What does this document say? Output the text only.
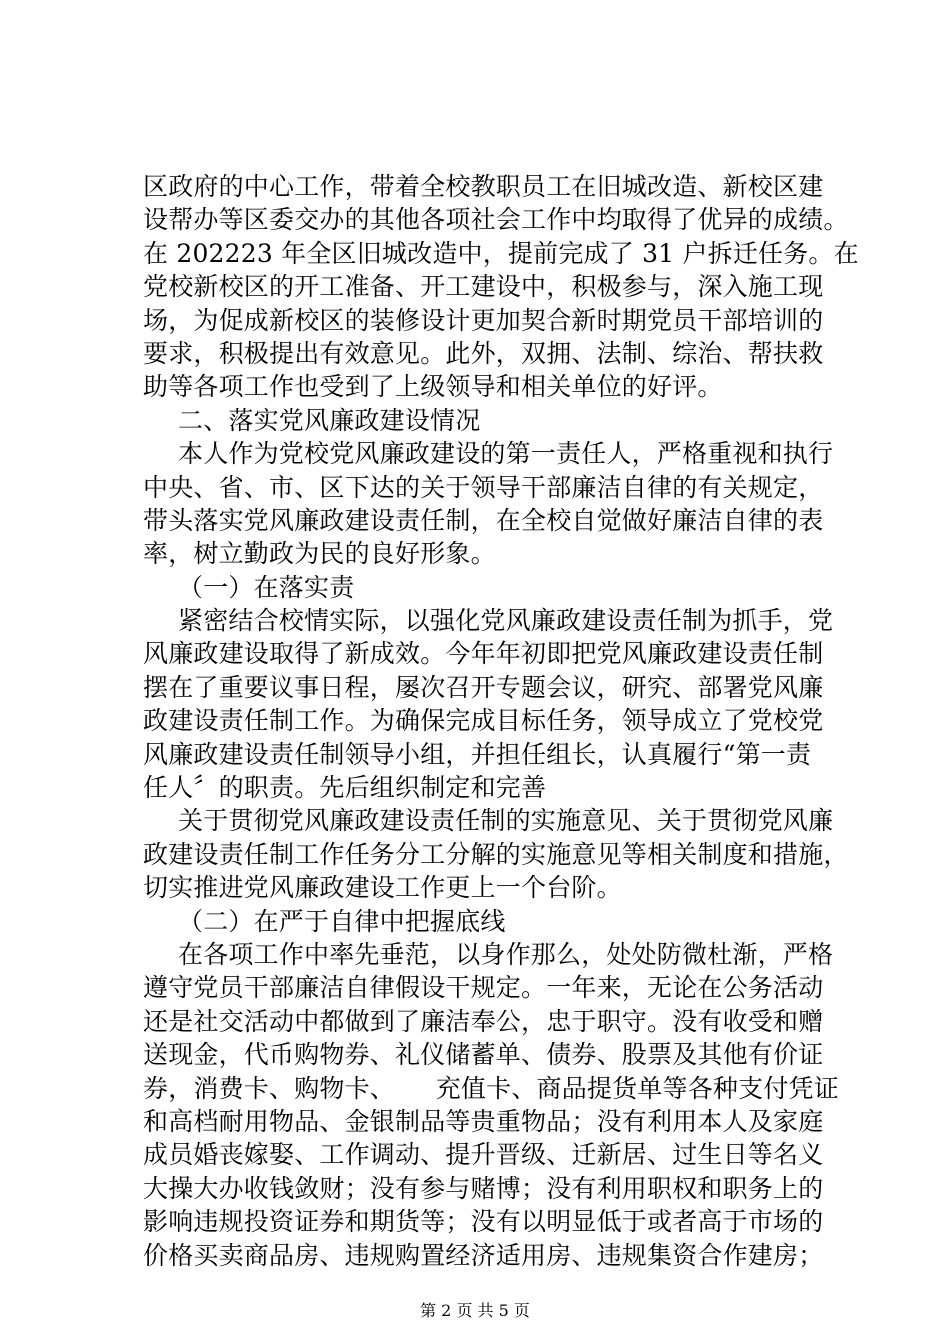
区政府的中心工作，带着全校教职员工在旧城改造、新校区建
设帮办等区委交办的其他各项社会工作中均取得了优异的成绩。
在 202223 年全区旧城改造中，提前完成了 31 户拆迁任务。在
党校新校区的开工准备、开工建设中，积极参与，深入施工现
场，为促成新校区的装修设计更加契合新时期党员干部培训的
要求，积极提出有效意见。此外，双拥、法制、综治、帮扶救
助等各项工作也受到了上级领导和相关单位的好评。
二、落实党风廉政建设情况
本人作为党校党风廉政建设的第一责任人，严格重视和执行
中央、省、市、区下达的关于领导干部廉洁自律的有关规定，
带头落实党风廉政建设责任制，在全校自觉做好廉洁自律的表
率，树立勤政为民的良好形象。
（一）在落实责
紧密结合校情实际，以强化党风廉政建设责任制为抓手，党
风廉政建设取得了新成效。今年年初即把党风廉政建设责任制
摆在了重要议事日程，屡次召开专题会议，研究、部署党风廉
政建设责任制工作。为确保完成目标任务，领导成立了党校党
风廉政建设责任制领导小组，并担任组长，认真履行“第一责
任人〞的职责。先后组织制定和完善
关于贯彻党风廉政建设责任制的实施意见、关于贯彻党风廉
政建设责任制工作任务分工分解的实施意见等相关制度和措施，
切实推进党风廉政建设工作更上一个台阶。
（二）在严于自律中把握底线
在各项工作中率先垂范，以身作那么，处处防微杜渐，严格
遵守党员干部廉洁自律假设干规定。一年来，无论在公务活动
还是社交活动中都做到了廉洁奉公，忠于职守。没有收受和赠
送现金，代币购物券、礼仪储蓄单、债券、股票及其他有价证
券，消费卡、购物卡、     充值卡、商品提货单等各种支付凭证
和高档耐用物品、金银制品等贵重物品；没有利用本人及家庭
成员婚丧嫁娶、工作调动、提升晋级、迁新居、过生日等名义
大操大办收钱敛财；没有参与赌博；没有利用职权和职务上的
影响违规投资证券和期货等；没有以明显低于或者高于市场的
价格买卖商品房、违规购置经济适用房、违规集资合作建房；
第 2 页 共 5 页
